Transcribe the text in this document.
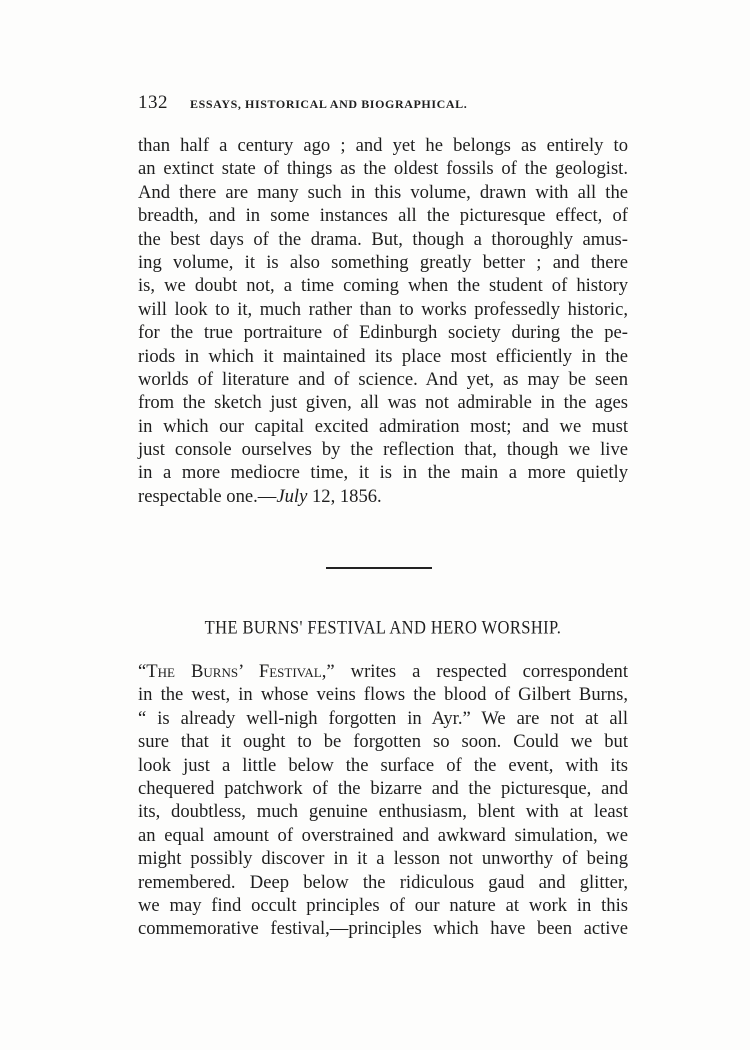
132 ESSAYS, HISTORICAL AND BIOGRAPHICAL.
than half a century ago ; and yet he belongs as entirely to
an extinct state of things as the oldest fossils of the geologist.
And there are many such in this volume, drawn with all the
breadth, and in some instances all the picturesque effect, of
the best days of the drama. But, though a thoroughly amus-
ing volume, it is also something greatly better ; and there
is, we doubt not, a time coming when the student of history
will look to it, much rather than to works professedly historic,
for the true portraiture of Edinburgh society during the pe-
riods in which it maintained its place most efficiently in the
worlds of literature and of science. And yet, as may be seen
from the sketch just given, all was not admirable in the ages
in which our capital excited admiration most; and we must
just console ourselves by the reflection that, though we live
in a more mediocre time, it is in the main a more quietly
respectable one.—July 12, 1856.
THE BURNS' FESTIVAL AND HERO WORSHIP.
“The Burns’ Festival,” writes a respected correspondent
in the west, in whose veins flows the blood of Gilbert Burns,
“ is already well-nigh forgotten in Ayr.” We are not at all
sure that it ought to be forgotten so soon. Could we but
look just a little below the surface of the event, with its
chequered patchwork of the bizarre and the picturesque, and
its, doubtless, much genuine enthusiasm, blent with at least
an equal amount of overstrained and awkward simulation, we
might possibly discover in it a lesson not unworthy of being
remembered. Deep below the ridiculous gaud and glitter,
we may find occult principles of our nature at work in this
commemorative festival,—principles which have been active
